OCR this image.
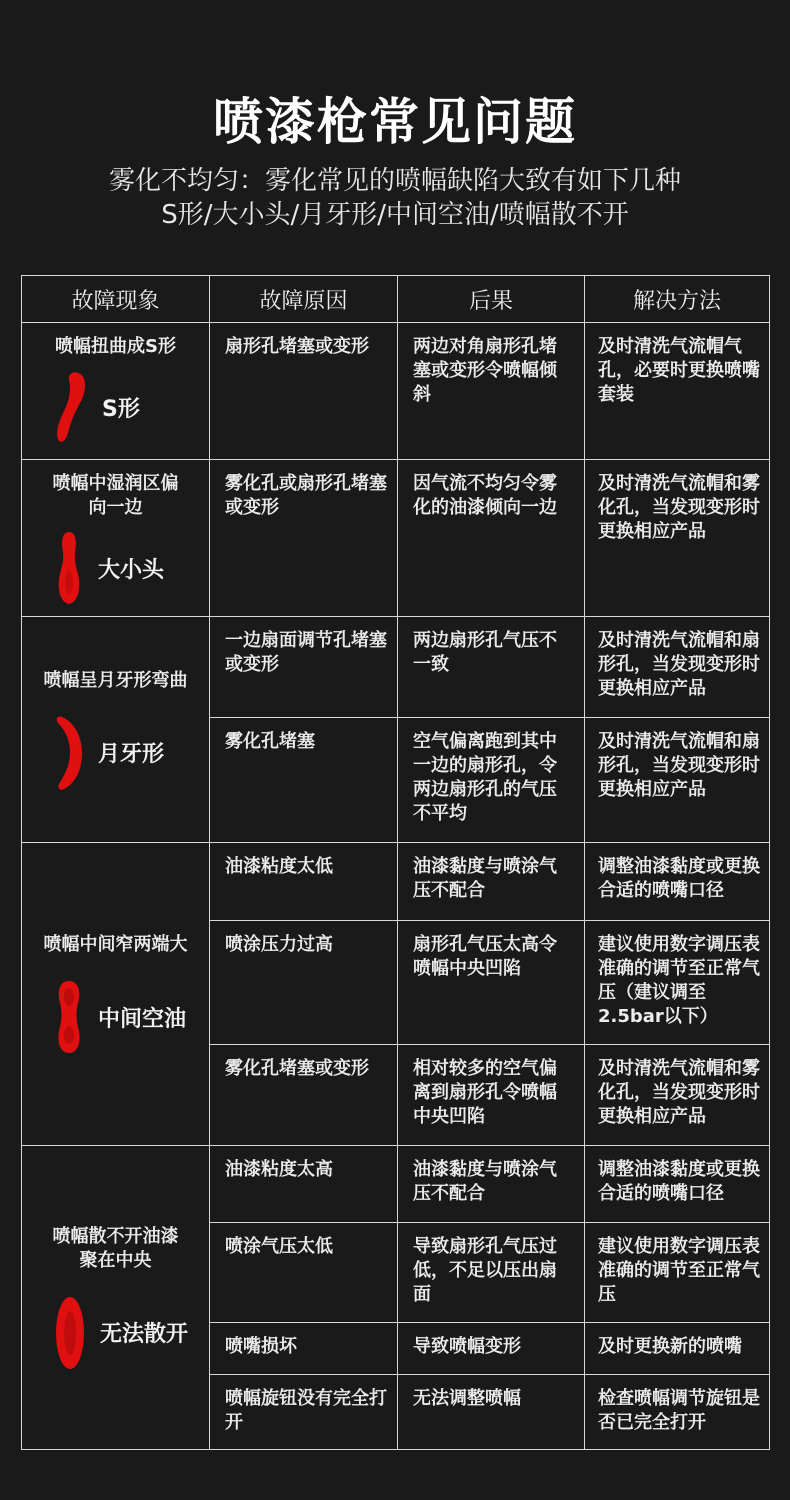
喷漆枪常见问题
雾化不均匀：雾化常见的喷幅缺陷大致有如下几种
S形/大小头/月牙形/中间空油/喷幅散不开
故障现象	故障原因	后果	解决方法

喷幅扭曲成S形
S形	扇形孔堵塞或变形	两边对角扇形孔堵塞或变形令喷幅倾斜	及时清洗气流帽气孔，必要时更换喷嘴套装

喷幅中湿润区偏向一边
大小头	雾化孔或扇形孔堵塞或变形	因气流不均匀令雾化的油漆倾向一边	及时清洗气流帽和雾化孔，当发现变形时更换相应产品

喷幅呈月牙形弯曲
月牙形	一边扇面调节孔堵塞或变形	两边扇形孔气压不一致	及时清洗气流帽和扇形孔，当发现变形时更换相应产品
	雾化孔堵塞	空气偏离跑到其中一边的扇形孔，令两边扇形孔的气压不平均	及时清洗气流帽和扇形孔，当发现变形时更换相应产品

喷幅中间窄两端大
中间空油	油漆粘度太低	油漆黏度与喷涂气压不配合	调整油漆黏度或更换合适的喷嘴口径
	喷涂压力过高	扇形孔气压太高令喷幅中央凹陷	建议使用数字调压表准确的调节至正常气压（建议调至2.5bar以下）
	雾化孔堵塞或变形	相对较多的空气偏离到扇形孔令喷幅中央凹陷	及时清洗气流帽和雾化孔，当发现变形时更换相应产品

喷幅散不开油漆聚在中央
无法散开	油漆粘度太高	油漆黏度与喷涂气压不配合	调整油漆黏度或更换合适的喷嘴口径
	喷涂气压太低	导致扇形孔气压过低，不足以压出扇面	建议使用数字调压表准确的调节至正常气压
	喷嘴损坏	导致喷幅变形	及时更换新的喷嘴
	喷幅旋钮没有完全打开	无法调整喷幅	检查喷幅调节旋钮是否已完全打开
